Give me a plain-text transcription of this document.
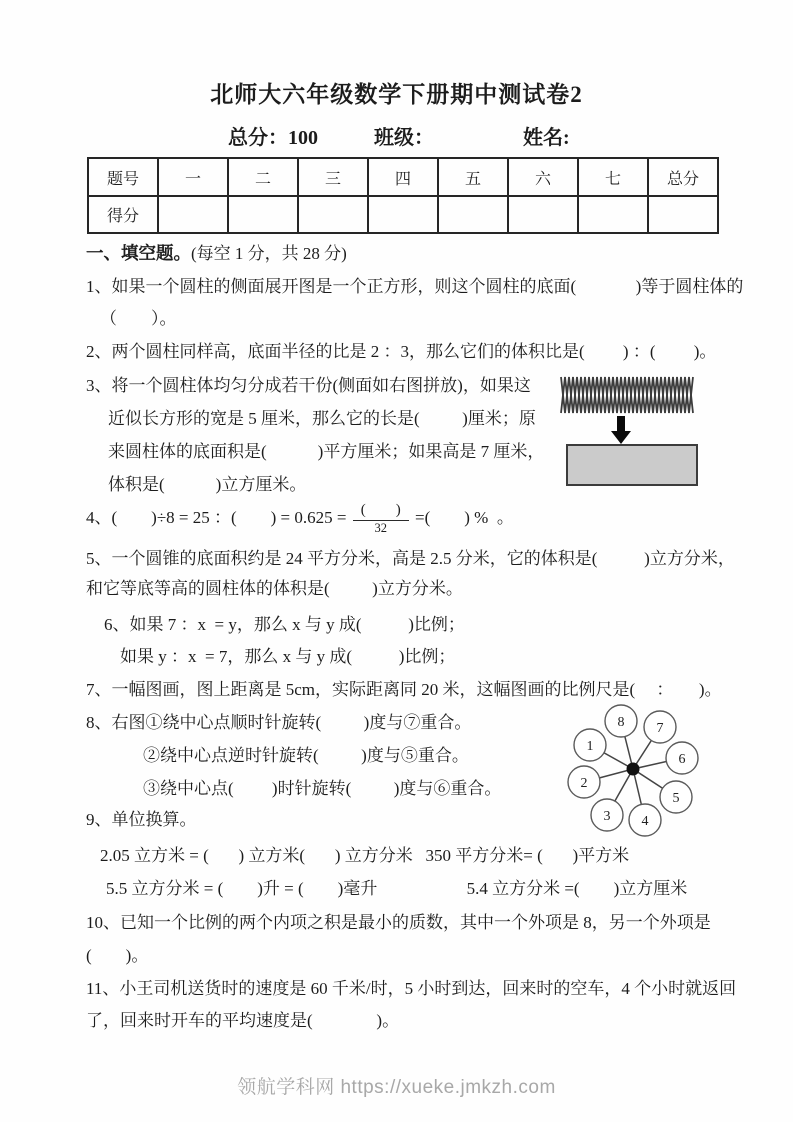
北师大六年级数学下册期中测试卷2
总分：100	班级：	姓名:
题号	一	二	三	四	五	六	七	总分
得分								
一、填空题。(每空 1 分，共 28 分)
1、如果一个圆柱的侧面展开图是一个正方形，则这个圆柱的底面(              )等于圆柱体的
（        ）。
2、两个圆柱同样高，底面半径的比是 2 ：3，那么它们的体积比是(         ) ：(         )。
3、将一个圆柱体均匀分成若干份(侧面如右图拼放)，如果这
近似长方形的宽是 5 厘米，那么它的长是(          )厘米；原
来圆柱体的底面积是(            )平方厘米；如果高是 7 厘米，
体积是(            )立方厘米。
4、(        )÷8 = 25 ：(        ) = $0.625 = \frac{( )}{32}$ =(        ) %  。
5、一个圆锥的底面积约是 24 平方分米，高是 2.5 分米，它的体积是(           )立方分米，
和它等底等高的圆柱体的体积是(          )立方分米。
6、如果 7 ：x  = y，那么 x 与 y 成(           )比例；
如果 y ：x  = 7，那么 x 与 y 成(           )比例；
7、一幅图画，图上距离是 5cm，实际距离同 20 米，这幅图画的比例尺是(     ：      )。
8、右图①绕中心点顺时针旋转(          )度与⑦重合。
②绕中心点逆时针旋转(          )度与⑤重合。
③绕中心点(         )时针旋转(          )度与⑥重合。
1
2
3 4
5
6
7
8
9、单位换算。
2.05 立方米 = (       ) 立方米(       ) 立方分米   350 平方分米= (       )平方米
5.5 立方分米 = (        )升 = (        )毫升                     5.4 立方分米 =(        )立方厘米
10、已知一个比例的两个内项之积是最小的质数，其中一个外项是 8，另一个外项是
(        )。
11、小王司机送货时的速度是 60 千米/时，5 小时到达，回来时的空车，4 个小时就返回
了，回来时开车的平均速度是(               )。
领航学科网 https://xueke.jmkzh.com
